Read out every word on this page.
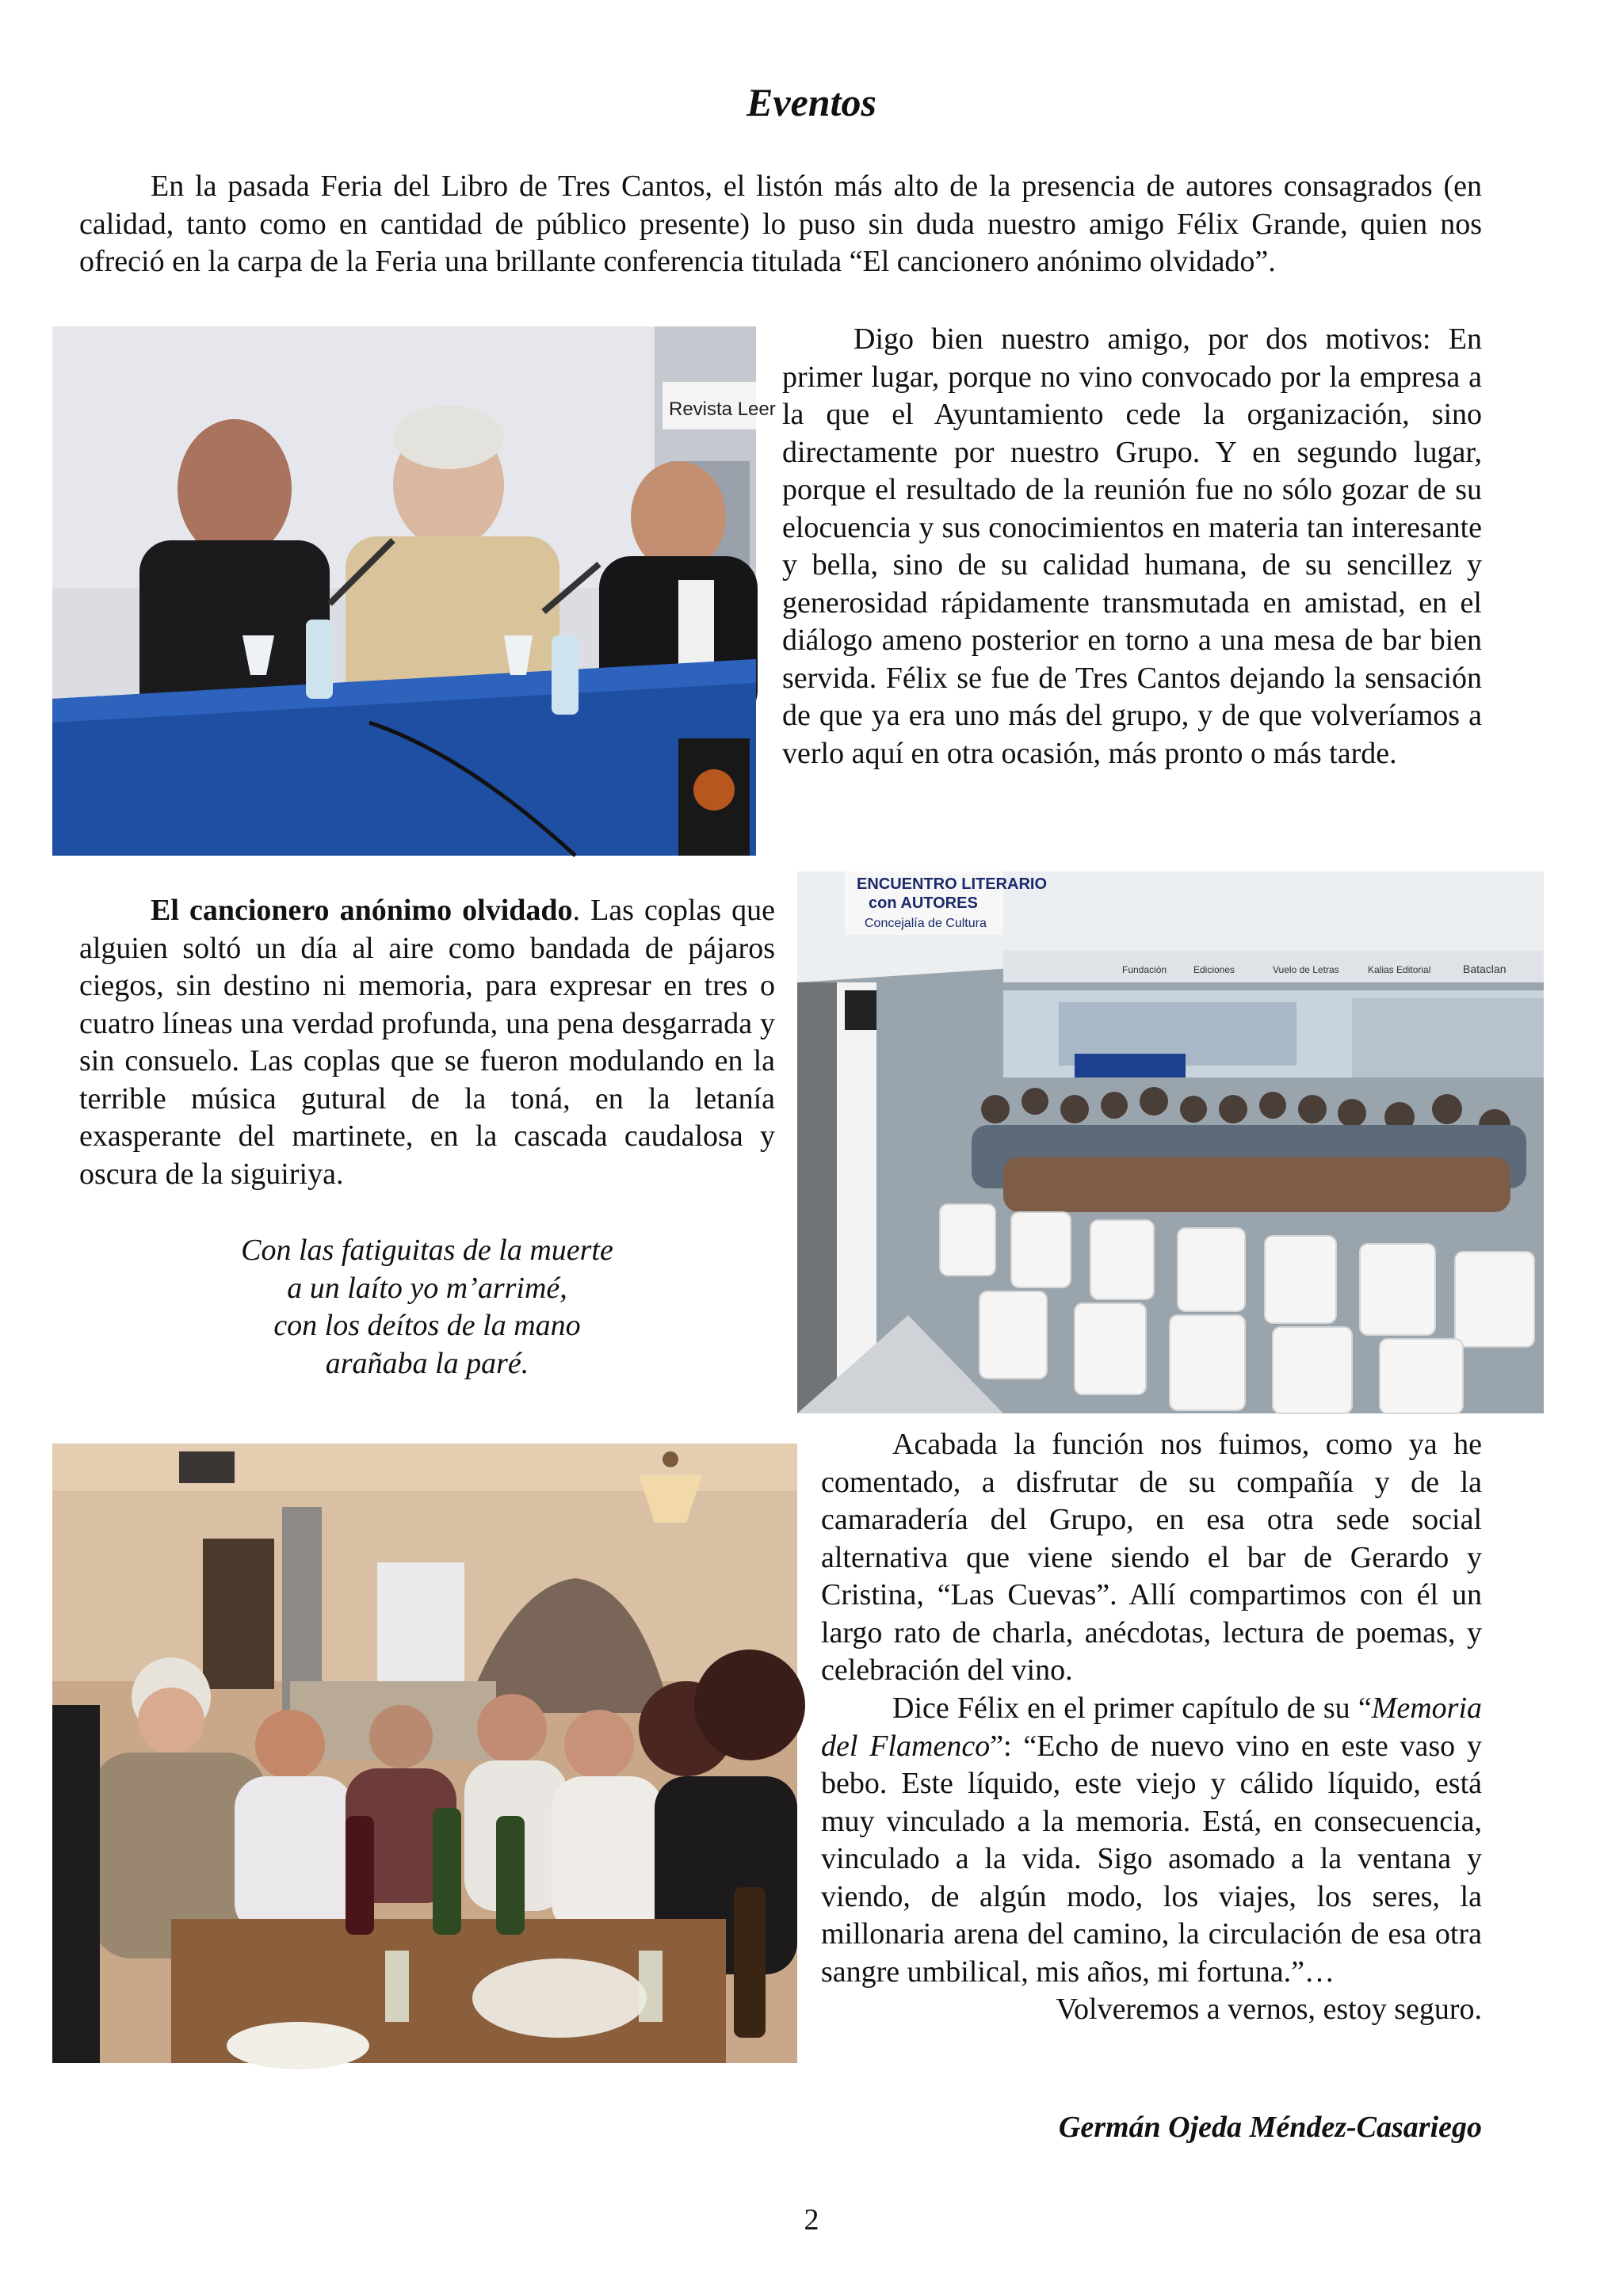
Eventos

En la pasada Feria del Libro de Tres Cantos, el listón más alto de la presencia de autores consagrados (en calidad, tanto como en cantidad de público presente) lo puso sin duda nuestro amigo Félix Grande, quien nos ofreció en la carpa de la Feria una brillante conferencia titulada “El cancionero anónimo olvidado”.

Revista Leer

Digo bien nuestro amigo, por dos motivos: En primer lugar, porque no vino convocado por la empresa a la que el Ayuntamiento cede la organización, sino directamente por nuestro Grupo. Y en segundo lugar, porque el resultado de la reunión fue no sólo gozar de su elocuencia y sus conocimientos en materia tan interesante y bella, sino de su calidad humana, de su sencillez y generosidad rápidamente transmutada en amistad, en el diálogo ameno posterior en torno a una mesa de bar bien servida. Félix se fue de Tres Cantos dejando la sensación de que ya era uno más del grupo, y de que volveríamos a verlo aquí en otra ocasión, más pronto o más tarde.

El cancionero anónimo olvidado. Las coplas que alguien soltó un día al aire como bandada de pájaros ciegos, sin destino ni memoria, para expresar en tres o cuatro líneas una verdad profunda, una pena desgarrada y sin consuelo. Las coplas que se fueron modulando en la terrible música gutural de la toná, en la letanía exasperante del martinete, en la cascada caudalosa y oscura de la siguiriya.

Con las fatiguitas de la muerte
a un laíto yo m’arrimé,
con los deítos de la mano
arañaba la paré.
ENCUENTRO LITERARIO
con AUTORES
Concejalía de Cultura
Fundación	Ediciones	Vuelo de Letras	Kalias Editorial	Bataclan

Acabada la función nos fuimos, como ya he comentado, a disfrutar de su compañía y de la camaradería del Grupo, en esa otra sede social alternativa que viene siendo el bar de Gerardo y Cristina, “Las Cuevas”. Allí compartimos con él un largo rato de charla, anécdotas, lectura de poemas, y celebración del vino.

Dice Félix en el primer capítulo de su “Memoria del Flamenco”: “Echo de nuevo vino en este vaso y bebo. Este líquido, este viejo y cálido líquido, está muy vinculado a la memoria. Está, en consecuencia, vinculado a la vida. Sigo asomado a la ventana y viendo, de algún modo, los viajes, los seres, la millonaria arena del camino, la circulación de esa otra sangre umbilical, mis años, mi fortuna.”…

Volveremos a vernos, estoy seguro.
Germán Ojeda Méndez-Casariego
2
